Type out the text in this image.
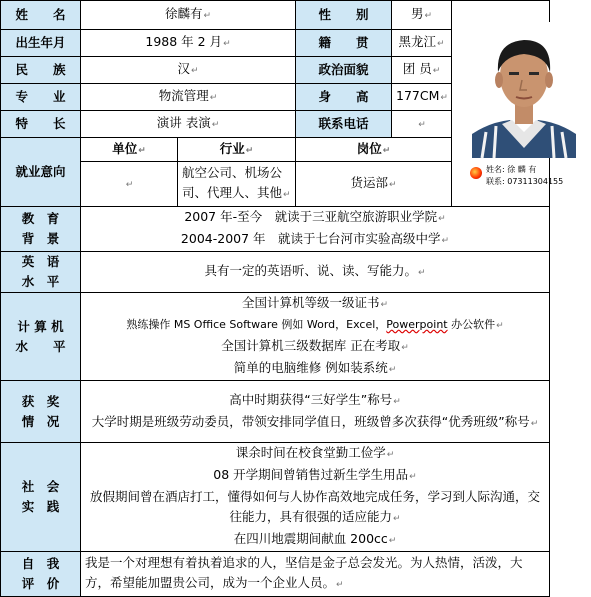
姓　　名	徐麟有↵		性　　别	男↵	姓名: 徐 麟 有
联系: 07311304155

出生年月	1988 年 2 月↵		籍　　贯	黑龙江↵	
民　　族	汉↵		政治面貌	团 员↵	
专　　业	物流管理↵		身　　高	177CM↵	
特　　长	演讲 表演↵		联系电话	↵	
就业意向	单位↵	行业↵	岗位↵		
	↵	航空公司、机场公司、代理人、其他↵	货运部↵		

教　育
背　景	2007 年-至今　就读于三亚航空旅游职业学院↵
2004-2007 年　就读于七台河市实验高级中学↵				

英　语
水　平	具有一定的英语听、说、读、写能力。↵				

计 算 机
水　　平	全国计算机等级一级证书↵
熟练操作 MS Office Software 例如 Word，Excel，Powerpoint 办公软件↵
全国计算机三级数据库 正在考取↵
简单的电脑维修 例如装系统↵				

获　奖
情　况	高中时期获得“三好学生”称号↵
大学时期是班级劳动委员，带领安排同学值日，班级曾多次获得“优秀班级”称号↵				

社　会
实　践	课余时间在校食堂勤工俭学↵
08 开学期间曾销售过新生学生用品↵
放假期间曾在酒店打工，懂得如何与人协作高效地完成任务，学习到人际沟通，交往能力，具有很强的适应能力↵
在四川地震期间献血 200cc↵				

自　我
评　价	我是一个对理想有着执着追求的人，坚信是金子总会发光。为人热情，活泼，大方，希望能加盟贵公司，成为一个企业人员。↵				
